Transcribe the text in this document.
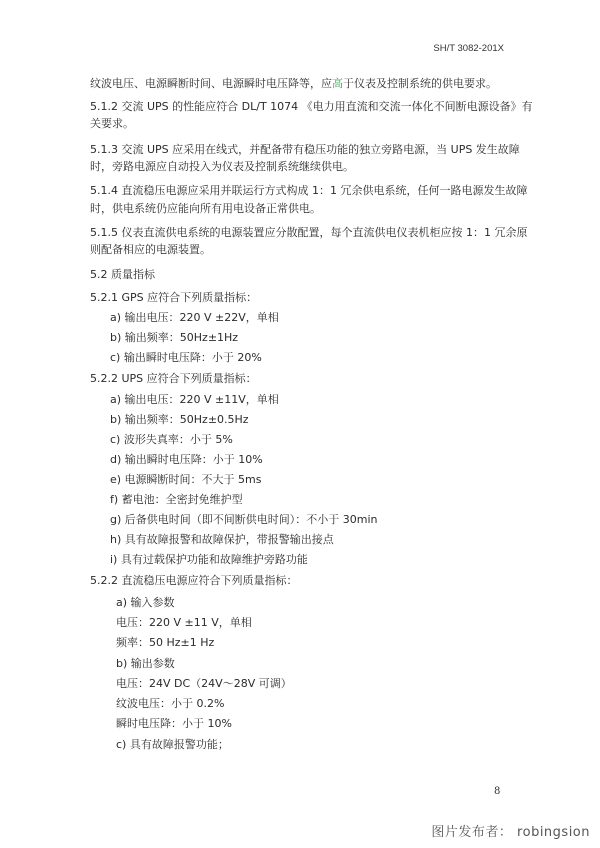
SH/T 3082-201X
纹波电压、电源瞬断时间、电源瞬时电压降等，应高于仪表及控制系统的供电要求。
5.1.2 交流 UPS 的性能应符合 DL/T 1074 《电力用直流和交流一体化不间断电源设备》有
关要求。
5.1.3 交流 UPS 应采用在线式，并配备带有稳压功能的独立旁路电源，当 UPS 发生故障
时，旁路电源应自动投入为仪表及控制系统继续供电。
5.1.4 直流稳压电源应采用并联运行方式构成 1：1 冗余供电系统，任何一路电源发生故障
时，供电系统仍应能向所有用电设备正常供电。
5.1.5 仪表直流供电系统的电源装置应分散配置，每个直流供电仪表机柜应按 1：1 冗余原
则配备相应的电源装置。
5.2 质量指标
5.2.1 GPS 应符合下列质量指标：
a) 输出电压：220 V ±22V，单相
b) 输出频率：50Hz±1Hz
c) 输出瞬时电压降：小于 20%
5.2.2 UPS 应符合下列质量指标：
a) 输出电压：220 V ±11V，单相
b) 输出频率：50Hz±0.5Hz
c) 波形失真率：小于 5%
d) 输出瞬时电压降：小于 10%
e) 电源瞬断时间：不大于 5ms
f) 蓄电池：全密封免维护型
g) 后备供电时间（即不间断供电时间）：不小于 30min
h) 具有故障报警和故障保护，带报警输出接点
i) 具有过载保护功能和故障维护旁路功能
5.2.2 直流稳压电源应符合下列质量指标：
a) 输入参数
电压：220 V ±11 V，单相
频率：50 Hz±1 Hz
b) 输出参数
电压：24V DC（24V～28V 可调）
纹波电压：小于 0.2%
瞬时电压降：小于 10%
c) 具有故障报警功能；
8
图片发布者： robingsion
